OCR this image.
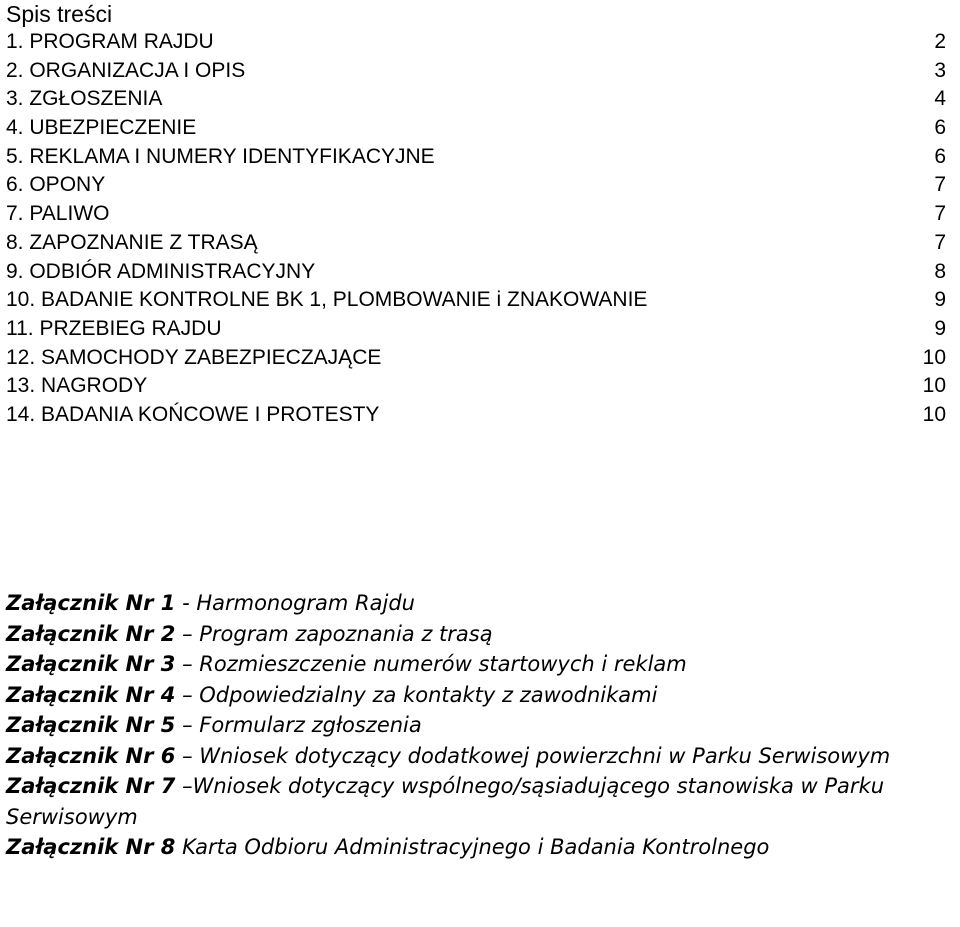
Spis treści
1. PROGRAM RAJDU	2
2. ORGANIZACJA I OPIS	3
3. ZGŁOSZENIA	4
4. UBEZPIECZENIE	6
5. REKLAMA I NUMERY IDENTYFIKACYJNE	6
6. OPONY	7
7. PALIWO	7
8. ZAPOZNANIE Z TRASĄ	7
9. ODBIÓR ADMINISTRACYJNY	8
10. BADANIE KONTROLNE BK 1, PLOMBOWANIE i ZNAKOWANIE	9
11. PRZEBIEG RAJDU	9
12. SAMOCHODY ZABEZPIECZAJĄCE	10
13. NAGRODY	10
14. BADANIA KOŃCOWE I PROTESTY	10
Załącznik Nr 1 - Harmonogram Rajdu
Załącznik Nr 2 – Program zapoznania z trasą
Załącznik Nr 3 – Rozmieszczenie numerów startowych i reklam
Załącznik Nr 4 – Odpowiedzialny za kontakty z zawodnikami
Załącznik Nr 5 – Formularz zgłoszenia
Załącznik Nr 6 – Wniosek dotyczący dodatkowej powierzchni w Parku Serwisowym
Załącznik Nr 7 –Wniosek dotyczący wspólnego/sąsiadującego stanowiska w Parku Serwisowym
Załącznik Nr 8 Karta Odbioru Administracyjnego i Badania Kontrolnego
